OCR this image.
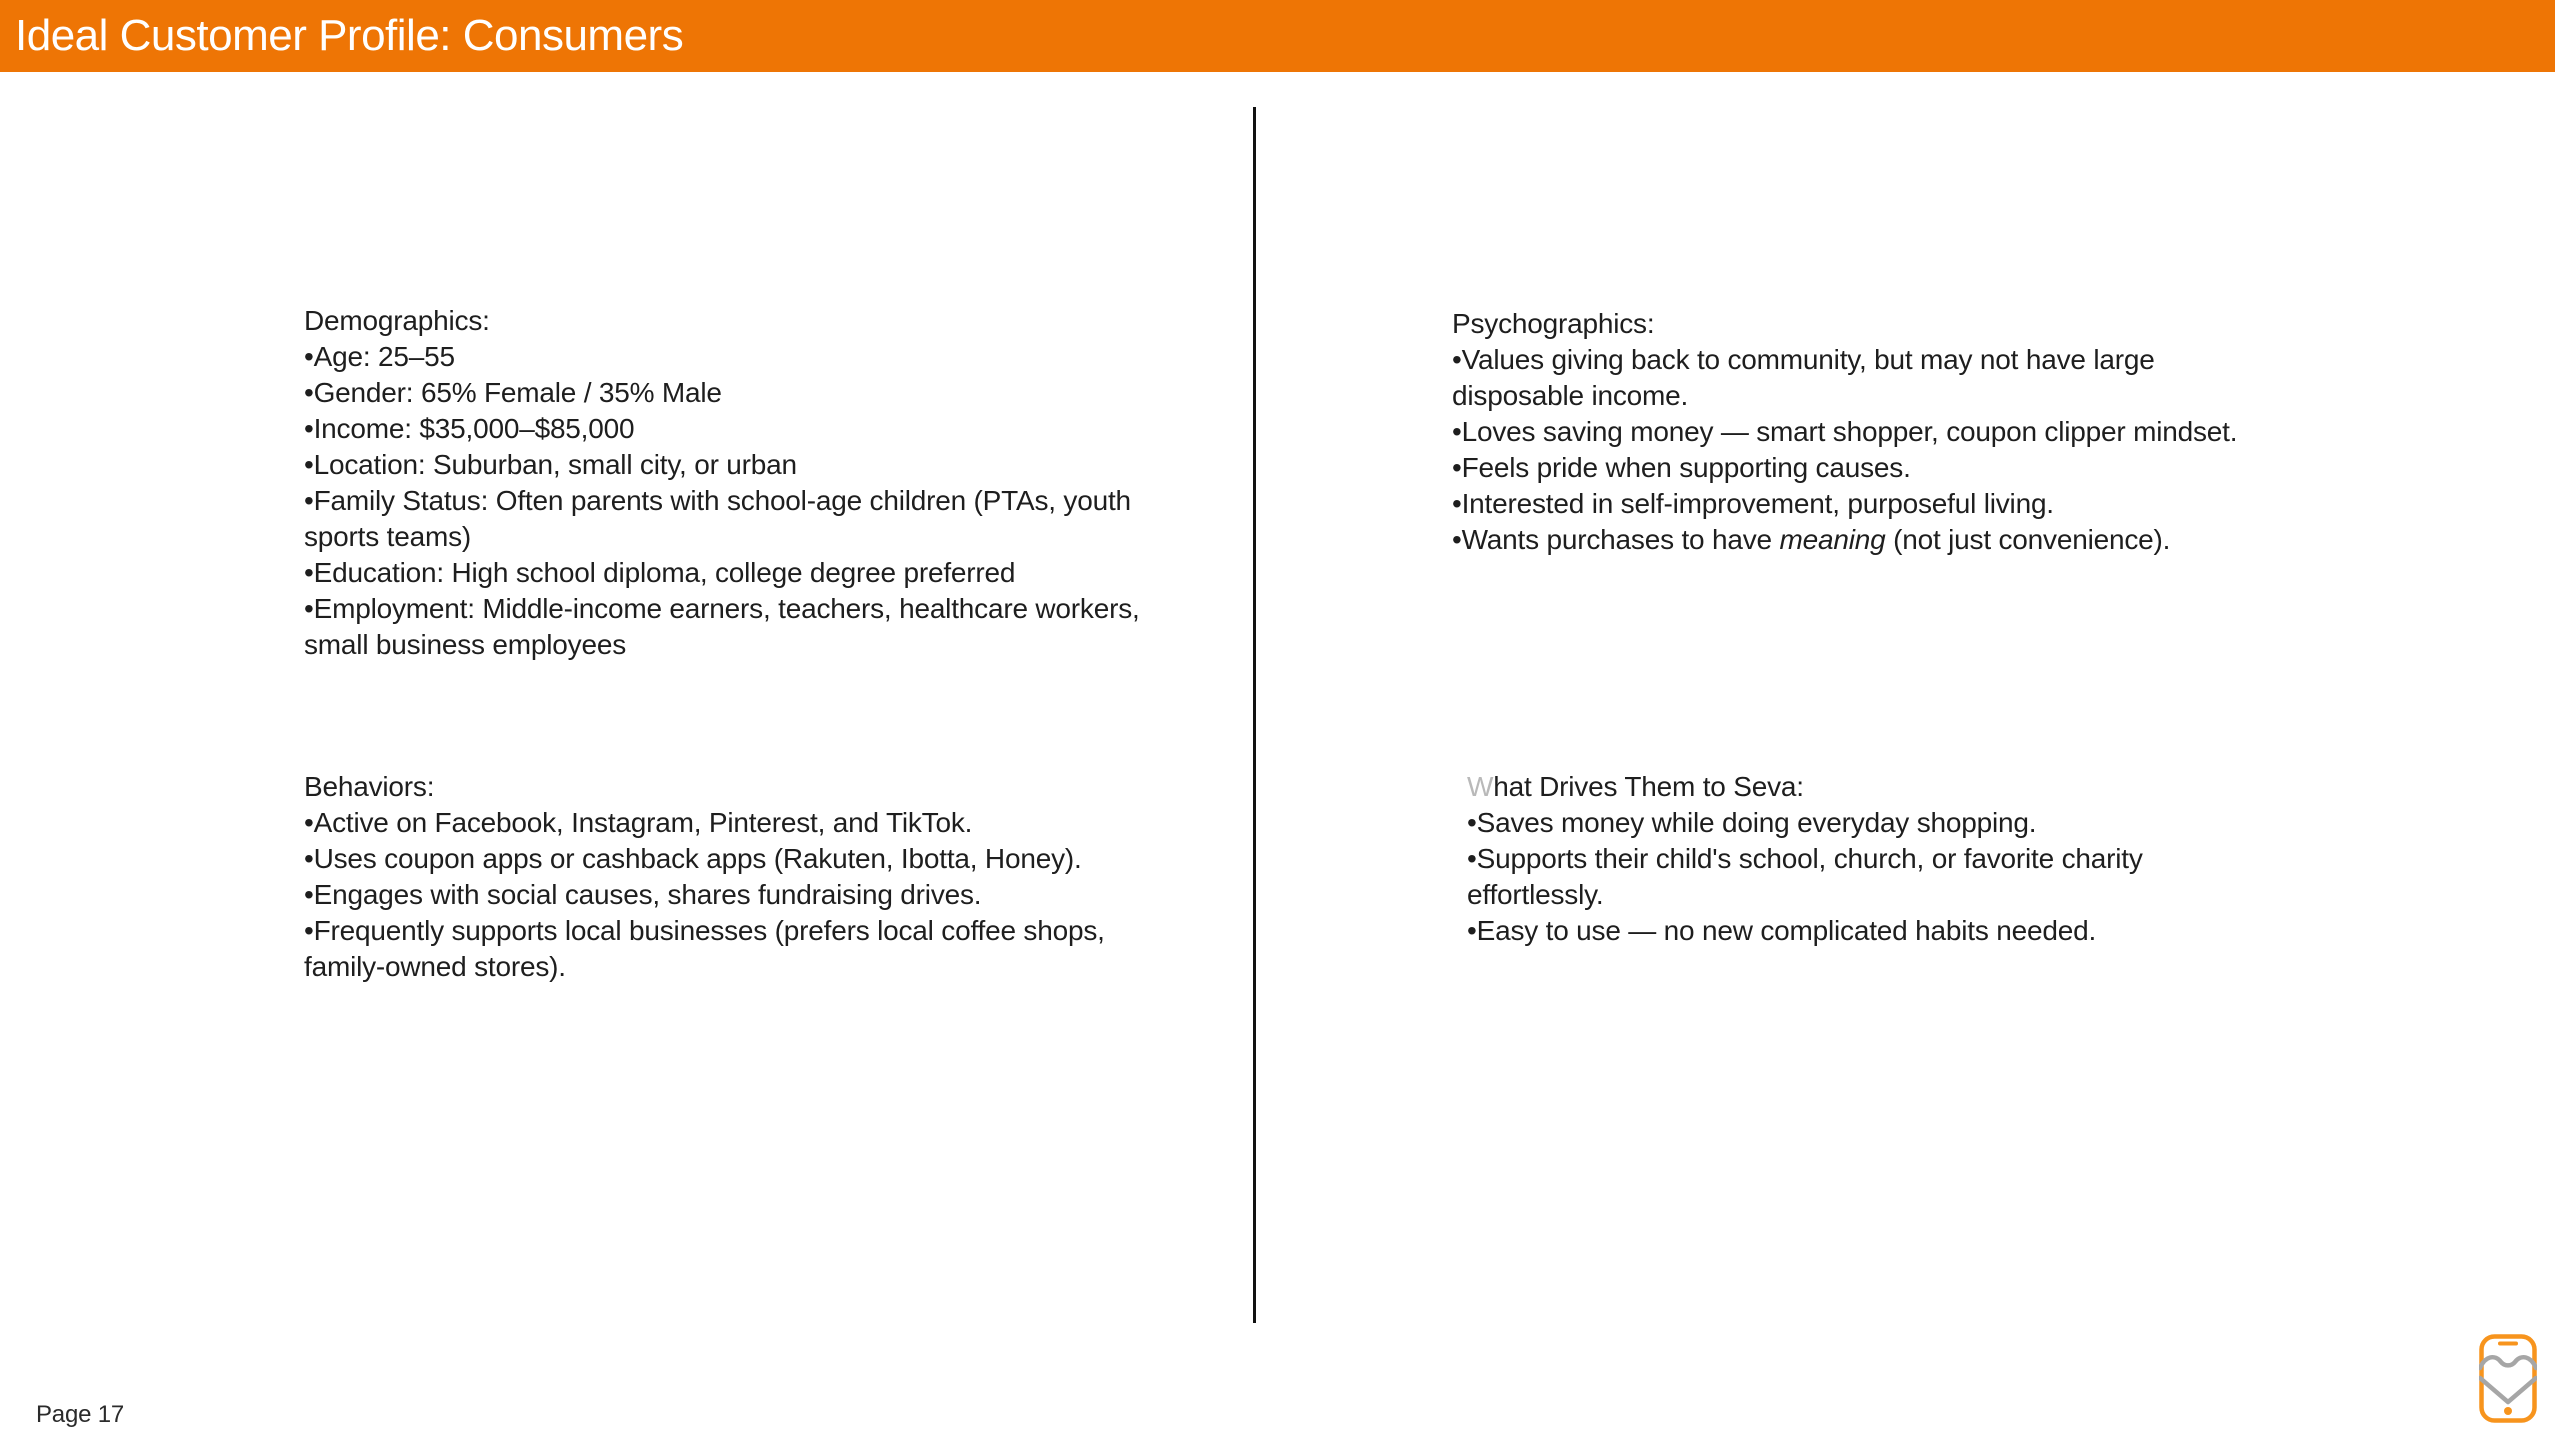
Ideal Customer Profile: Consumers
Demographics:
•Age: 25–55
•Gender: 65% Female / 35% Male
•Income: $35,000–$85,000
•Location: Suburban, small city, or urban
•Family Status: Often parents with school-age children (PTAs, youth sports teams)
•Education: High school diploma, college degree preferred
•Employment: Middle-income earners, teachers, healthcare workers, small business employees
Behaviors:
•Active on Facebook, Instagram, Pinterest, and TikTok.
•Uses coupon apps or cashback apps (Rakuten, Ibotta, Honey).
•Engages with social causes, shares fundraising drives.
•Frequently supports local businesses (prefers local coffee shops, family-owned stores).
Psychographics:
•Values giving back to community, but may not have large disposable income.
•Loves saving money — smart shopper, coupon clipper mindset.
•Feels pride when supporting causes.
•Interested in self-improvement, purposeful living.
•Wants purchases to have meaning (not just convenience).
What Drives Them to Seva:
•Saves money while doing everyday shopping.
•Supports their child's school, church, or favorite charity effortlessly.
•Easy to use — no new complicated habits needed.
Page 17
